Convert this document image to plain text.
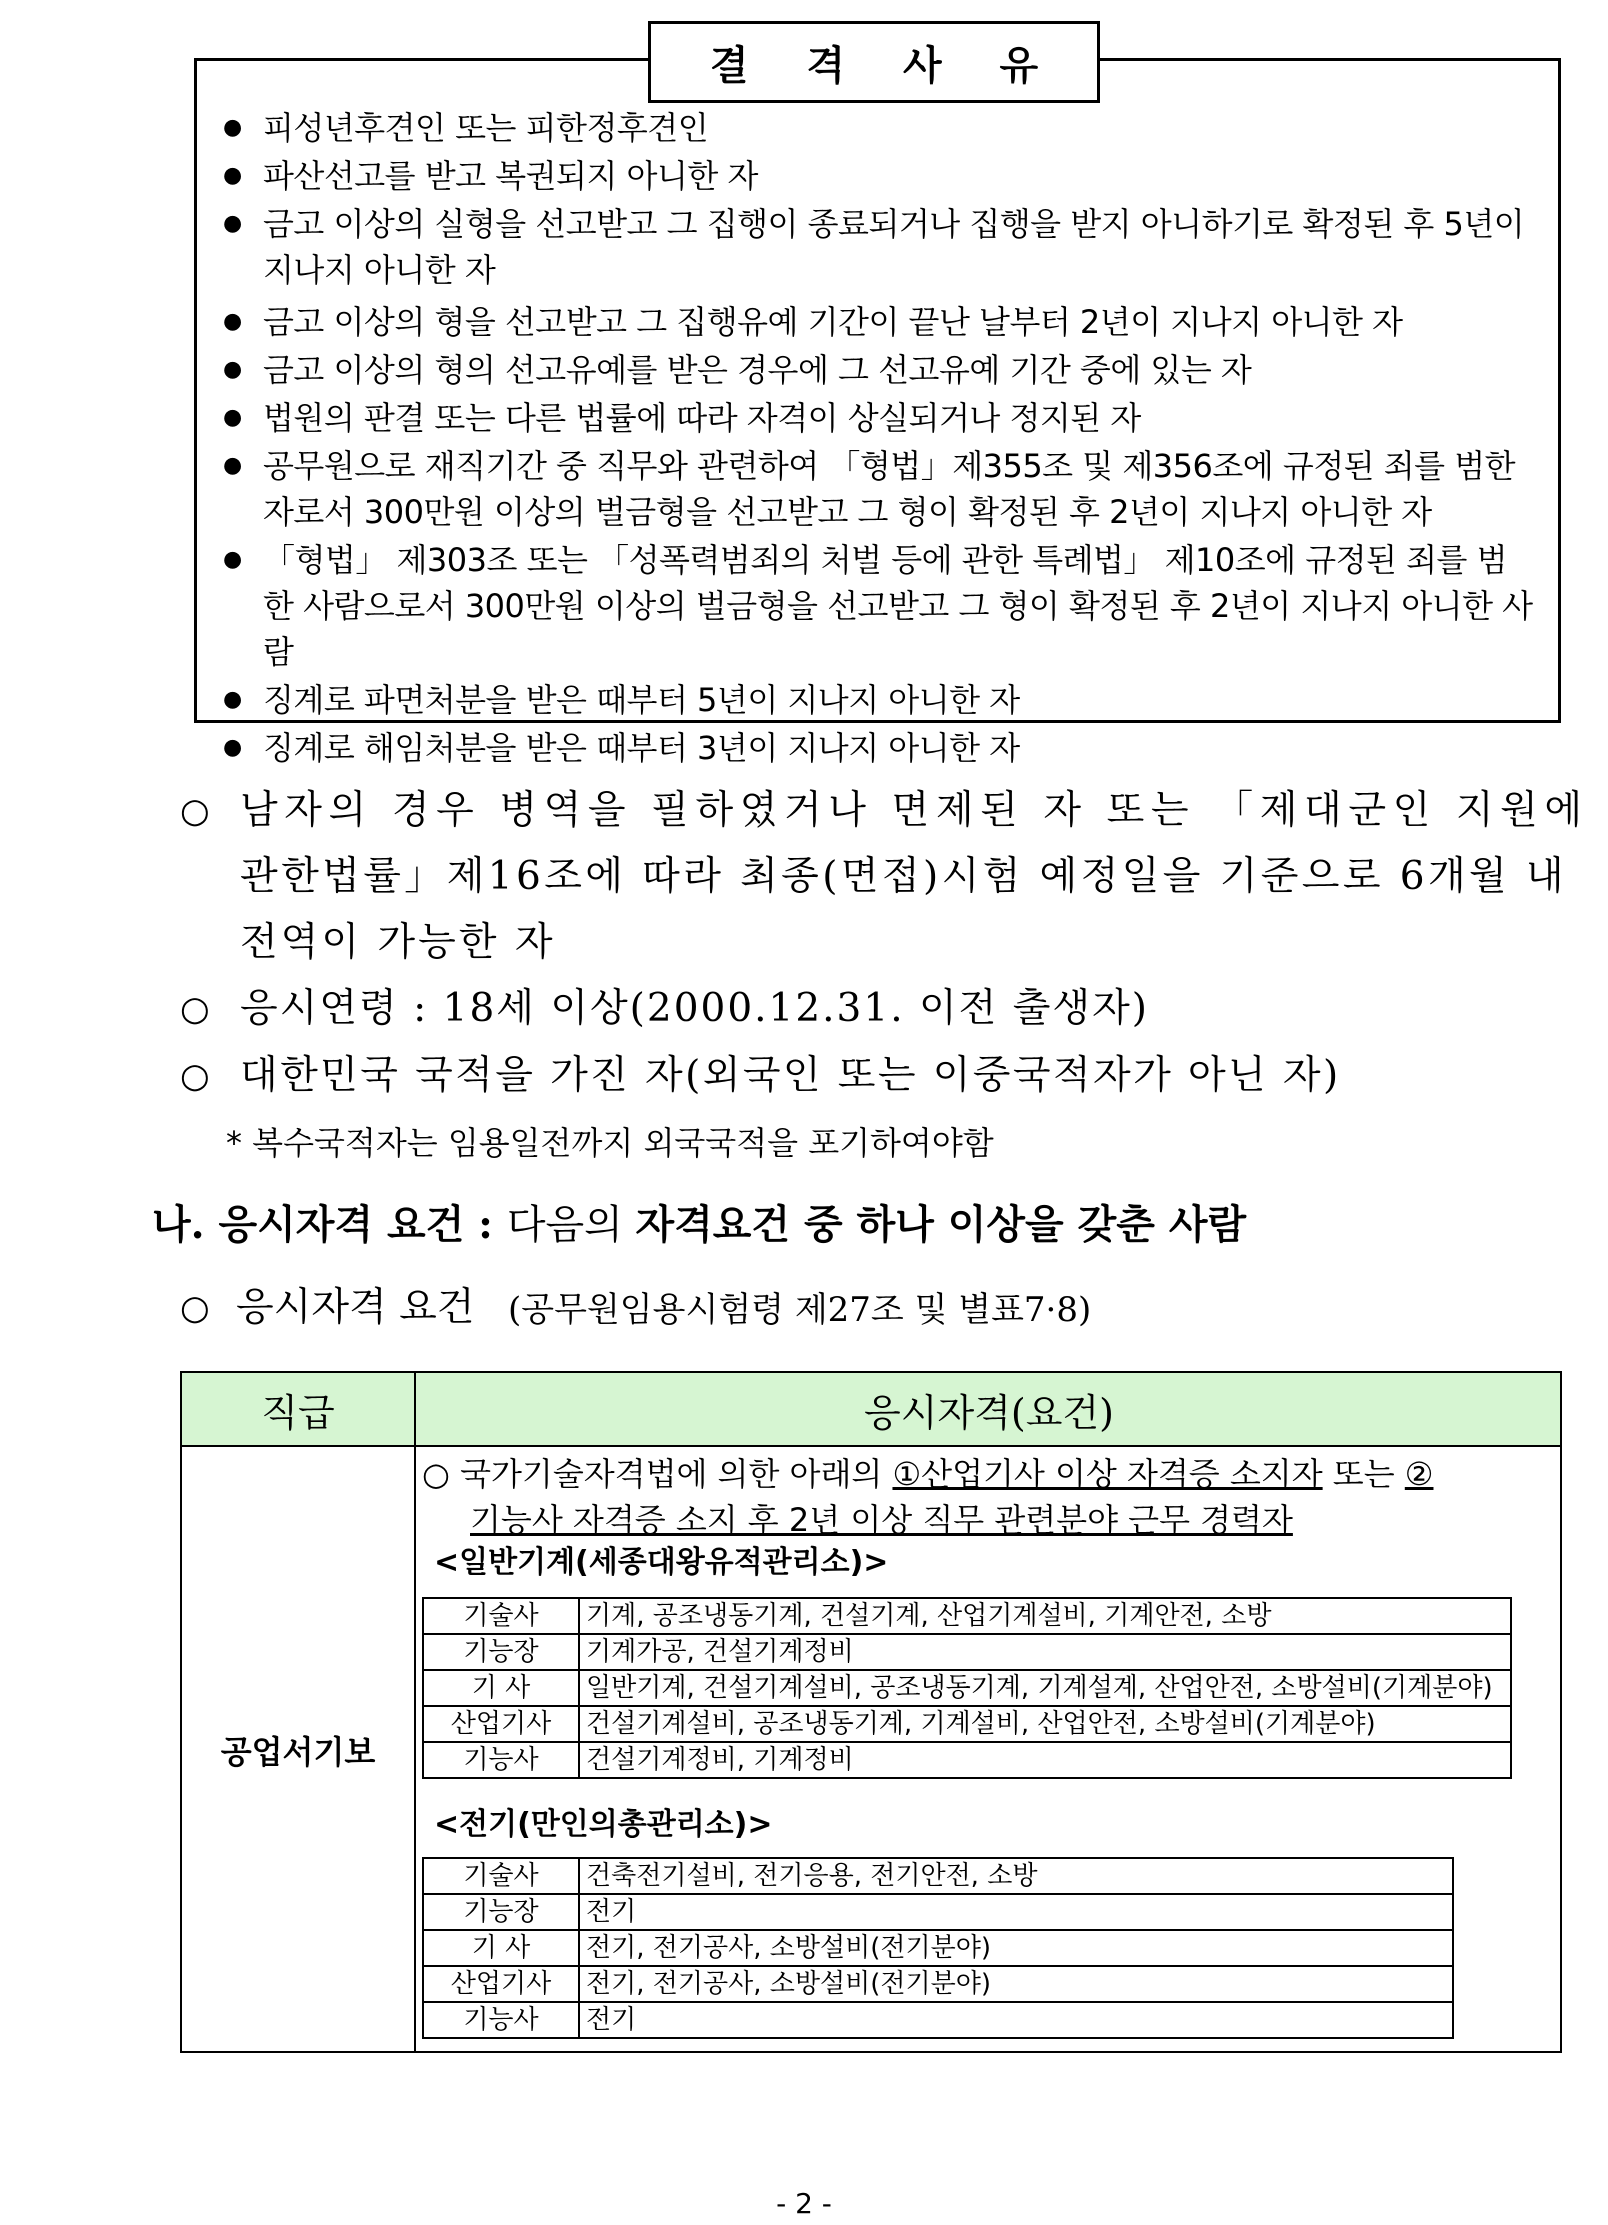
● 피성년후견인 또는 피한정후견인
● 파산선고를 받고 복권되지 아니한 자
● 금고 이상의 실형을 선고받고 그 집행이 종료되거나 집행을 받지 아니하기로 확정된 후 5년이 지나지 아니한 자
● 금고 이상의 형을 선고받고 그 집행유예 기간이 끝난 날부터 2년이 지나지 아니한 자
● 금고 이상의 형의 선고유예를 받은 경우에 그 선고유예 기간 중에 있는 자
● 법원의 판결 또는 다른 법률에 따라 자격이 상실되거나 정지된 자
● 공무원으로 재직기간 중 직무와 관련하여 「형법」제355조 및 제356조에 규정된 죄를 범한 자로서 300만원 이상의 벌금형을 선고받고 그 형이 확정된 후 2년이 지나지 아니한 자
● 「형법」 제303조 또는 「성폭력범죄의 처벌 등에 관한 특례법」 제10조에 규정된 죄를 범한 사람으로서 300만원 이상의 벌금형을 선고받고 그 형이 확정된 후 2년이 지나지 아니한 사람
● 징계로 파면처분을 받은 때부터 5년이 지나지 아니한 자
● 징계로 해임처분을 받은 때부터 3년이 지나지 아니한 자
결 격 사 유
○ 남자의 경우 병역을 필하였거나 면제된 자 또는 「제대군인 지원에
관한법률」제16조에 따라 최종(면접)시험 예정일을 기준으로 6개월 내
전역이 가능한 자
○ 응시연령 : 18세 이상(2000.12.31. 이전 출생자)
○ 대한민국 국적을 가진 자(외국인 또는 이중국적자가 아닌 자)
* 복수국적자는 임용일전까지 외국국적을 포기하여야함
나. 응시자격 요건 : 다음의 자격요건 중 하나 이상을 갖춘 사람
○ 응시자격 요건 (공무원임용시험령 제27조 및 별표7·8)
직급	응시자격(요건)
공업서기보
○ 국가기술자격법에 의한 아래의 ①산업기사 이상 자격증 소지자 또는 ②
기능사 자격증 소지 후 2년 이상 직무 관련분야 근무 경력자
<일반기계(세종대왕유적관리소)>
기술사	기계, 공조냉동기계, 건설기계, 산업기계설비, 기계안전, 소방
기능장	기계가공, 건설기계정비
기 사	일반기계, 건설기계설비, 공조냉동기계, 기계설계, 산업안전, 소방설비(기계분야)
산업기사	건설기계설비, 공조냉동기계, 기계설비, 산업안전, 소방설비(기계분야)
기능사	건설기계정비, 기계정비
<전기(만인의총관리소)>
기술사	건축전기설비, 전기응용, 전기안전, 소방
기능장	전기
기 사	전기, 전기공사, 소방설비(전기분야)
산업기사	전기, 전기공사, 소방설비(전기분야)
기능사	전기
- 2 -
